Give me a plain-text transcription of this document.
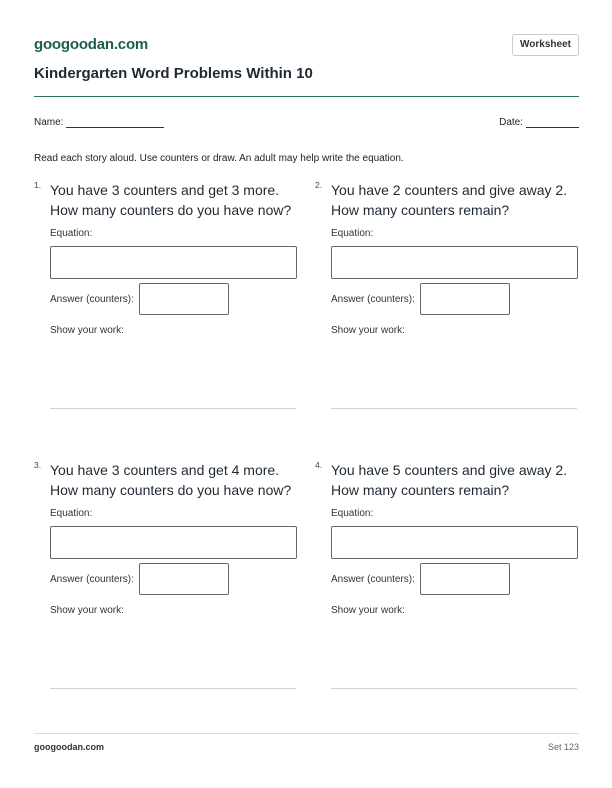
googoodan.com	Worksheet
Kindergarten Word Problems Within 10
Name:	Date:
Read each story aloud. Use counters or draw. An adult may help write the equation.
1. You have 3 counters and get 3 more. How many counters do you have now?
Equation:
Answer (counters):
Show your work:
2. You have 2 counters and give away 2. How many counters remain?
Equation:
Answer (counters):
Show your work:
3. You have 3 counters and get 4 more. How many counters do you have now?
Equation:
Answer (counters):
Show your work:
4. You have 5 counters and give away 2. How many counters remain?
Equation:
Answer (counters):
Show your work:
googoodan.com	Set 123
